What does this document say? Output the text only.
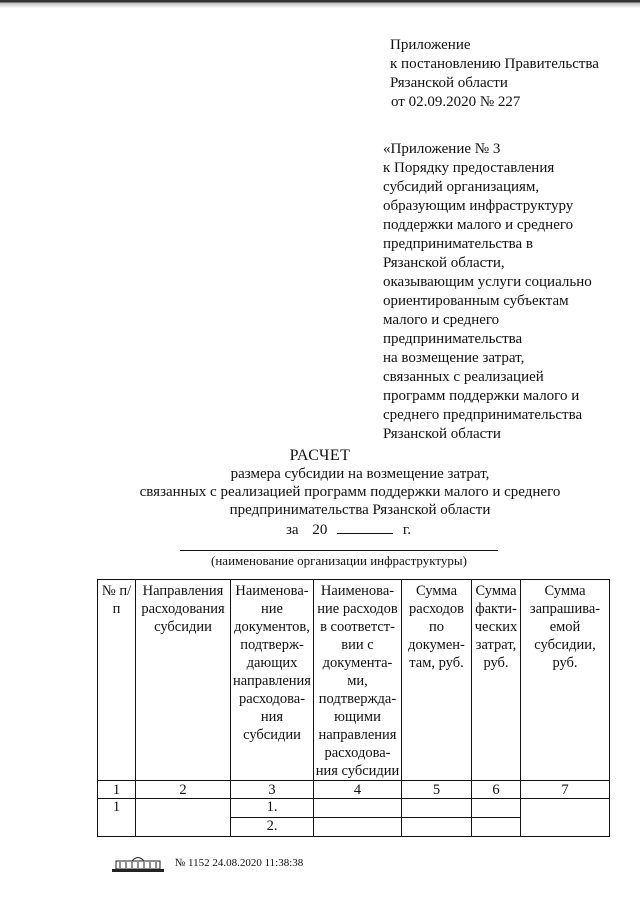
Приложение
к постановлению Правительства
Рязанской области
от 02.09.2020 № 227
«Приложение № 3
к Порядку предоставления
субсидий организациям,
образующим инфраструктуру
поддержки малого и среднего
предпринимательства в
Рязанской области,
оказывающим услуги социально
ориентированным субъектам
малого и среднего
предпринимательства
на возмещение затрат,
связанных с реализацией
программ поддержки малого и
среднего предпринимательства
Рязанской области
РАСЧЕТ
размера субсидии на возмещение затрат,
связанных с реализацией программ поддержки малого и среднего
предпринимательства Рязанской области
за 20	г.
(наименование организации инфраструктуры)
№ п/п	Направления расходования субсидии	Наименова-ние документов, подтверж-дающих направления расходова-ния субсидии	Наименова-ние расходов в соответст-вии с документа-ми, подтвержда-ющими направления расходова-ния субсидии	Сумма расходов по докумен-там, руб.	Сумма факти-ческих затрат, руб.	Сумма запрашива-емой субсидии, руб.
1	2	3	4	5	6	7
1		1.				
		2.				
№ 1152 24.08.2020 11:38:38
